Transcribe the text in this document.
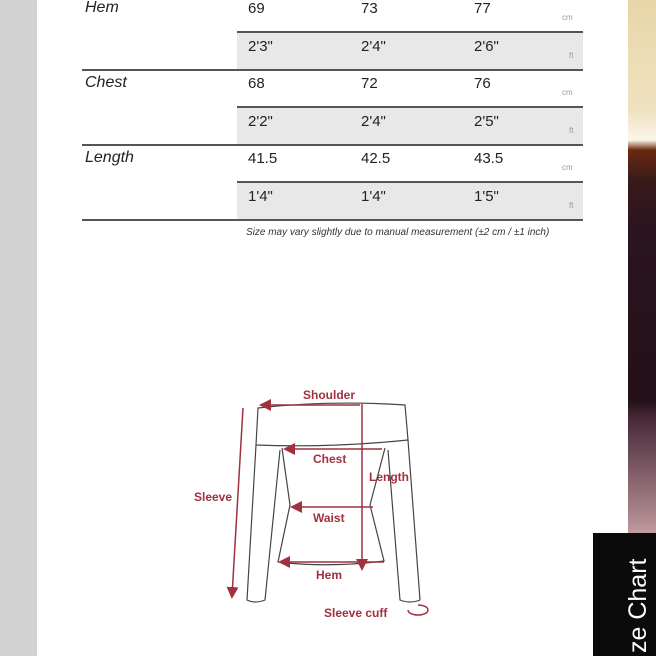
Hem	69	73	77
cm
2'3"	2'4"	2'6"
ft
Chest	68	72	76
cm
2'2"	2'4"	2'5"
ft
Length	41.5	42.5	43.5
cm
1'4"	1'4"	1'5"
ft
Size may vary slightly due to manual measurement (±2 cm / ±1 inch)
Shoulder
Chest
Length
Sleeve
Waist
Hem
Sleeve cuff	ze Chart
